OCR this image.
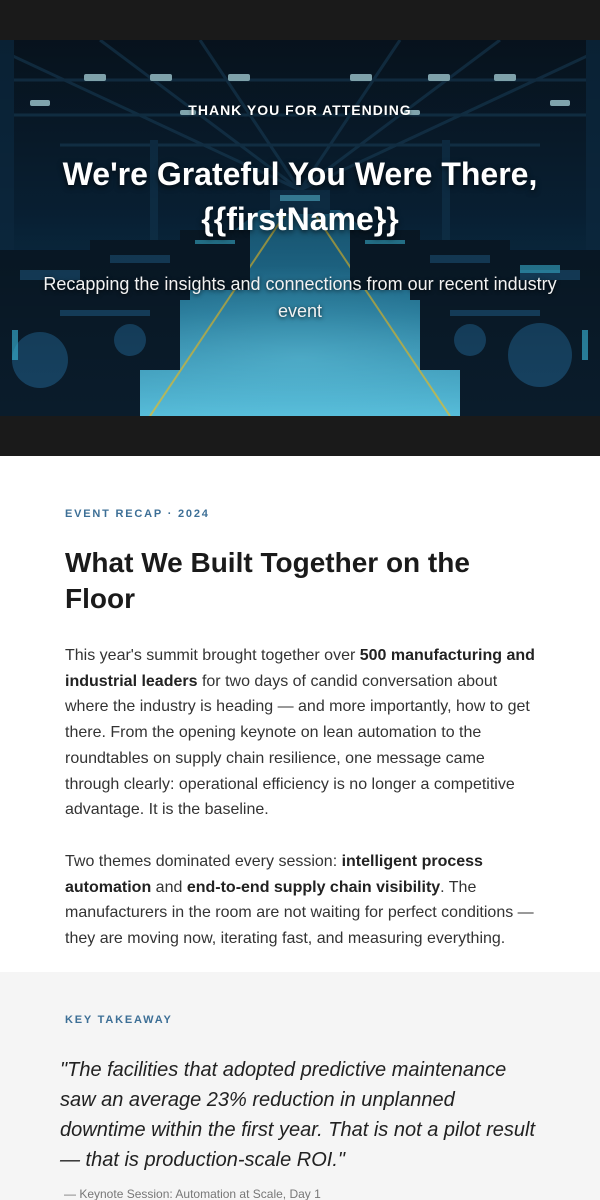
THANK YOU FOR ATTENDING
We're Grateful You Were There,
{{firstName}}

Recapping the insights and connections from our recent industry event

EVENT RECAP · 2024
What We Built Together on the Floor

This year's summit brought together over 500 manufacturing and industrial leaders for two days of candid conversation about where the industry is heading — and more importantly, how to get there. From the opening keynote on lean automation to the roundtables on supply chain resilience, one message came through clearly: operational efficiency is no longer a competitive advantage. It is the baseline.

Two themes dominated every session: intelligent process automation and end-to-end supply chain visibility. The manufacturers in the room are not waiting for perfect conditions — they are moving now, iterating fast, and measuring everything.

KEY TAKEAWAY
"The facilities that adopted predictive maintenance saw an average 23% reduction in unplanned downtime within the first year. That is not a pilot result — that is production-scale ROI."
— Keynote Session: Automation at Scale, Day 1
